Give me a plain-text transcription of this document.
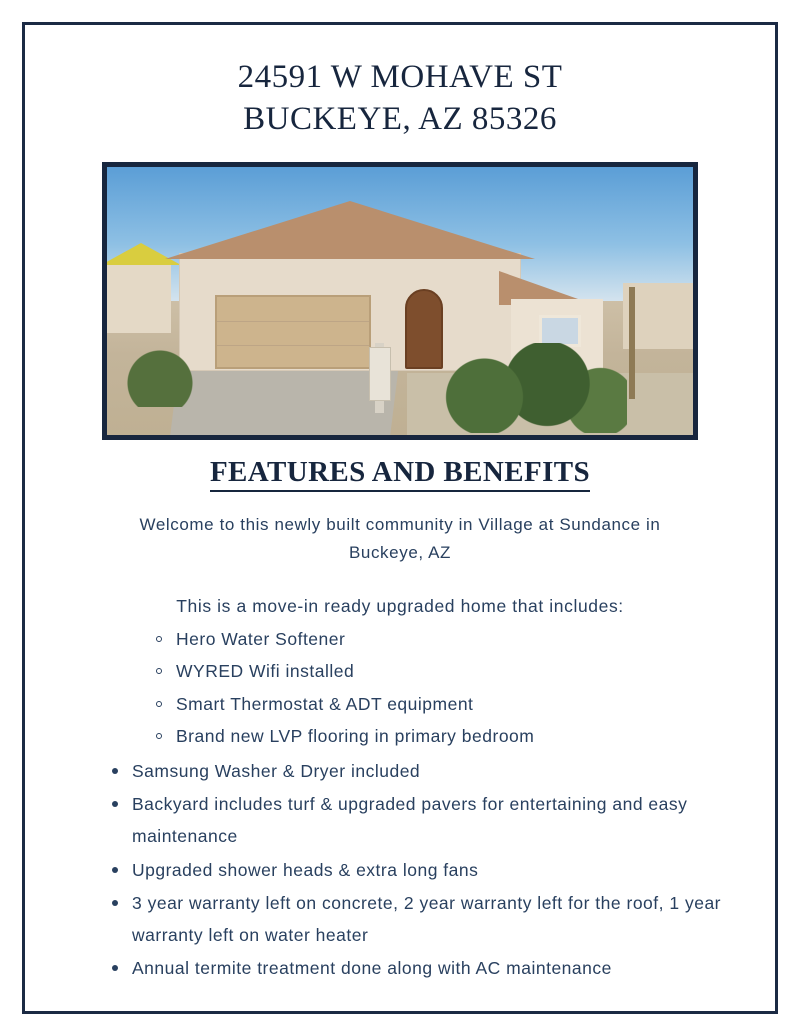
24591 W MOHAVE ST
BUCKEYE, AZ 85326
FEATURES AND BENEFITS

Welcome to this newly built community in Village at Sundance in Buckeye, AZ

This is a move-in ready upgraded home that includes:

Hero Water Softener
WYRED Wifi installed
Smart Thermostat & ADT equipment
Brand new LVP flooring in primary bedroom
Samsung Washer & Dryer included
Backyard includes turf & upgraded pavers for entertaining and easy maintenance
Upgraded shower heads & extra long fans
3 year warranty left on concrete, 2 year warranty left for the roof, 1 year warranty left on water heater
Annual termite treatment done along with AC maintenance
